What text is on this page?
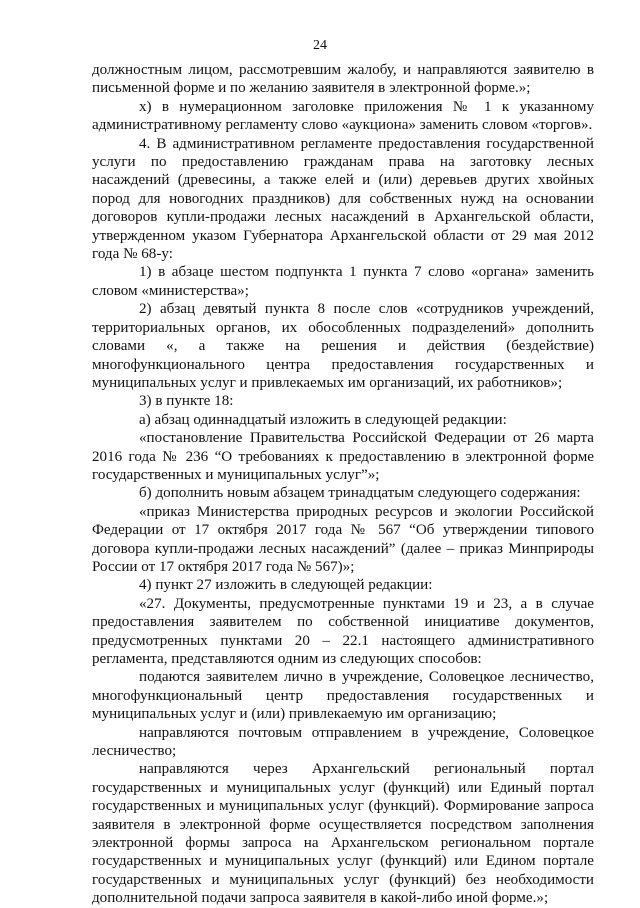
24

должностным лицом, рассмотревшим жалобу, и направляются заявителю в письменной форме и по желанию заявителя в электронной форме.»;

х) в нумерационном заголовке приложения № 1 к указанному административному регламенту слово «аукциона» заменить словом «торгов».

4. В административном регламенте предоставления государственной услуги по предоставлению гражданам права на заготовку лесных насаждений (древесины, а также елей и (или) деревьев других хвойных пород для новогодних праздников) для собственных нужд на основании договоров купли-продажи лесных насаждений в Архангельской области, утвержденном указом Губернатора Архангельской области от 29 мая 2012 года № 68-у:

1) в абзаце шестом подпункта 1 пункта 7 слово «органа» заменить словом «министерства»;

2) абзац девятый пункта 8 после слов «сотрудников учреждений, территориальных органов, их обособленных подразделений» дополнить словами «, а также на решения и действия (бездействие) многофункционального центра предоставления государственных и муниципальных услуг и привлекаемых им организаций, их работников»;

3) в пункте 18:

а) абзац одиннадцатый изложить в следующей редакции:

«постановление Правительства Российской Федерации от 26 марта 2016 года № 236 “О требованиях к предоставлению в электронной форме государственных и муниципальных услуг”»;

б) дополнить новым абзацем тринадцатым следующего содержания:

«приказ Министерства природных ресурсов и экологии Российской Федерации от 17 октября 2017 года № 567 “Об утверждении типового договора купли-продажи лесных насаждений” (далее – приказ Минприроды России от 17 октября 2017 года № 567)»;

4) пункт 27 изложить в следующей редакции:

«27. Документы, предусмотренные пунктами 19 и 23, а в случае предоставления заявителем по собственной инициативе документов, предусмотренных пунктами 20 – 22.1 настоящего административного регламента, представляются одним из следующих способов:

подаются заявителем лично в учреждение, Соловецкое лесничество, многофункциональный центр предоставления государственных и муниципальных услуг и (или) привлекаемую им организацию;

направляются почтовым отправлением в учреждение, Соловецкое лесничество;

направляются через Архангельский региональный портал государственных и муниципальных услуг (функций) или Единый портал государственных и муниципальных услуг (функций). Формирование запроса заявителя в электронной форме осуществляется посредством заполнения электронной формы запроса на Архангельском региональном портале государственных и муниципальных услуг (функций) или Едином портале государственных и муниципальных услуг (функций) без необходимости дополнительной подачи запроса заявителя в какой-либо иной форме.»;
